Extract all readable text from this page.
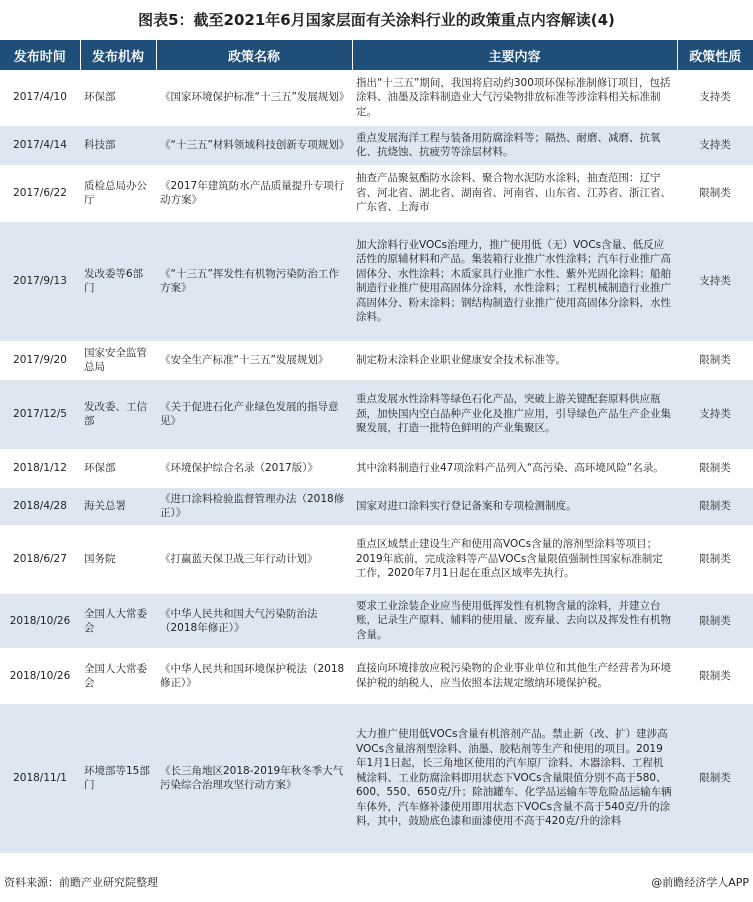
图表5：截至2021年6月国家层面有关涂料行业的政策重点内容解读(4)
发布时间	发布机构	政策名称	主要内容	政策性质
2017/4/10	环保部	《国家环境保护标准“十三五”发展规划》	指出“十三五”期间，我国将启动约300项环保标准制修订项目，包括涂料、油墨及涂料制造业大气污染物排放标准等涉涂料相关标准制定。	支持类
2017/4/14	科技部	《“十三五”材料领域科技创新专项规划》	重点发展海洋工程与装备用防腐涂料等；隔热、耐磨、减磨、抗氧化、抗烧蚀、抗疲劳等涂层材料。	支持类
2017/6/22	质检总局办公厅	《2017年建筑防水产品质量提升专项行动方案》	抽查产品聚氨酯防水涂料、聚合物水泥防水涂料，抽查范围：辽宁省、河北省、湖北省、湖南省、河南省、山东省、江苏省、浙江省、广东省、上海市	限制类
2017/9/13	发改委等6部门	《“十三五”挥发性有机物污染防治工作方案》	加大涂料行业VOCs治理力，推广使用低（无）VOCs含量、低反应活性的原辅材料和产品。集装箱行业推广水性涂料；汽车行业推广高固体分、水性涂料；木质家具行业推广水性、紫外光固化涂料；船舶制造行业推广使用高固体分涂料，水性涂料；工程机械制造行业推广高固体分、粉末涂料；钢结构制造行业推广使用高固体分涂料，水性涂料。	支持类
2017/9/20	国家安全监管总局	《安全生产标准“十三五”发展规划》	制定粉末涂料企业职业健康安全技术标准等。	限制类
2017/12/5	发改委、工信部	《关于促进石化产业绿色发展的指导意见》	重点发展水性涂料等绿色石化产品，突破上游关键配套原料供应瓶颈，加快国内空白品种产业化及推广应用，引导绿色产品生产企业集聚发展，打造一批特色鲜明的产业集聚区。	支持类
2018/1/12	环保部	《环境保护综合名录（2017版）》	其中涂料制造行业47项涂料产品列入“高污染、高环境风险”名录。	限制类
2018/4/28	海关总署	《进口涂料检验监督管理办法（2018修正）》	国家对进口涂料实行登记备案和专项检测制度。	限制类
2018/6/27	国务院	《打赢蓝天保卫战三年行动计划》	重点区域禁止建设生产和使用高VOCs含量的溶剂型涂料等项目；2019年底前，完成涂料等产品VOCs含量限值强制性国家标准制定工作，2020年7月1日起在重点区域率先执行。	限制类
2018/10/26	全国人大常委会	《中华人民共和国大气污染防治法（2018年修正）》	要求工业涂装企业应当使用低挥发性有机物含量的涂料，并建立台账，记录生产原料、辅料的使用量、废弃量、去向以及挥发性有机物含量。	限制类
2018/10/26	全国人大常委会	《中华人民共和国环境保护税法（2018修正）》	直接向环境排放应税污染物的企业事业单位和其他生产经营者为环境保护税的纳税人，应当依照本法规定缴纳环境保护税。	限制类
2018/11/1	环境部等15部门	《长三角地区2018-2019年秋冬季大气污染综合治理攻坚行动方案》	大力推广使用低VOCs含量有机溶剂产品。禁止新（改、扩）建涉高VOCs含量溶剂型涂料、油墨、胶粘剂等生产和使用的项目。2019年1月1日起，长三角地区使用的汽车原厂涂料、木器涂料、工程机械涂料、工业防腐涂料即用状态下VOCs含量限值分别不高于580、600、550、650克/升；除油罐车、化学品运输车等危险品运输车辆车体外，汽车修补漆使用即用状态下VOCs含量不高于540克/升的涂料，其中，鼓励底色漆和面漆使用不高于420克/升的涂料	限制类
资料来源：前瞻产业研究院整理	@前瞻经济学人APP
